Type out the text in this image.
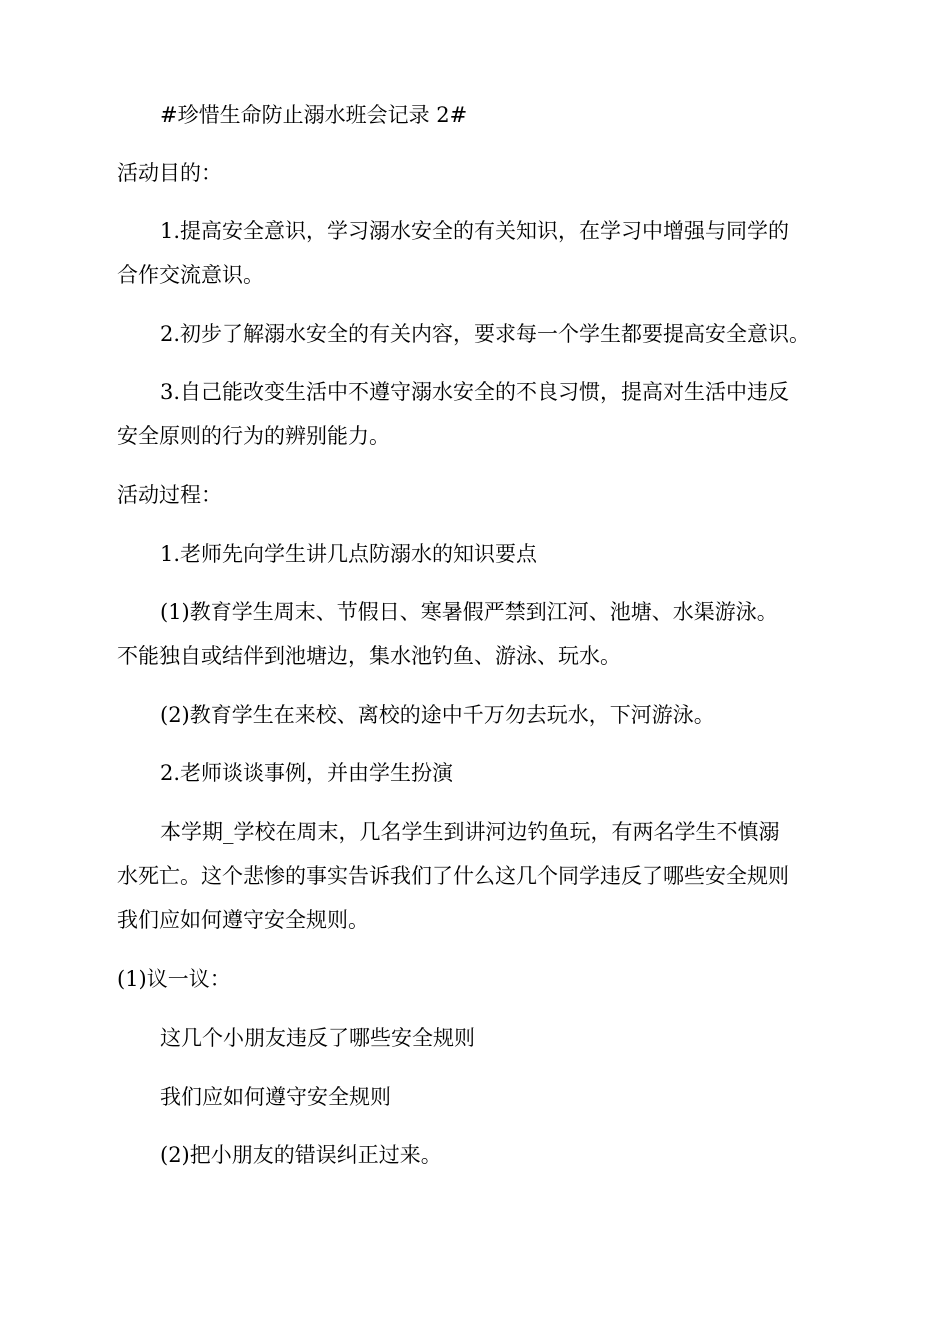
#珍惜生命防止溺水班会记录 2#
活动目的：
1.提高安全意识，学习溺水安全的有关知识，在学习中增强与同学的
合作交流意识。
2.初步了解溺水安全的有关内容，要求每一个学生都要提高安全意识。
3.自己能改变生活中不遵守溺水安全的不良习惯，提高对生活中违反
安全原则的行为的辨别能力。
活动过程：
1.老师先向学生讲几点防溺水的知识要点
(1)教育学生周末、节假日、寒暑假严禁到江河、池塘、水渠游泳。
不能独自或结伴到池塘边，集水池钓鱼、游泳、玩水。
(2)教育学生在来校、离校的途中千万勿去玩水，下河游泳。
2.老师谈谈事例，并由学生扮演
本学期_学校在周末，几名学生到讲河边钓鱼玩，有两名学生不慎溺
水死亡。这个悲惨的事实告诉我们了什么这几个同学违反了哪些安全规则
我们应如何遵守安全规则。
(1)议一议：
这几个小朋友违反了哪些安全规则
我们应如何遵守安全规则
(2)把小朋友的错误纠正过来。
